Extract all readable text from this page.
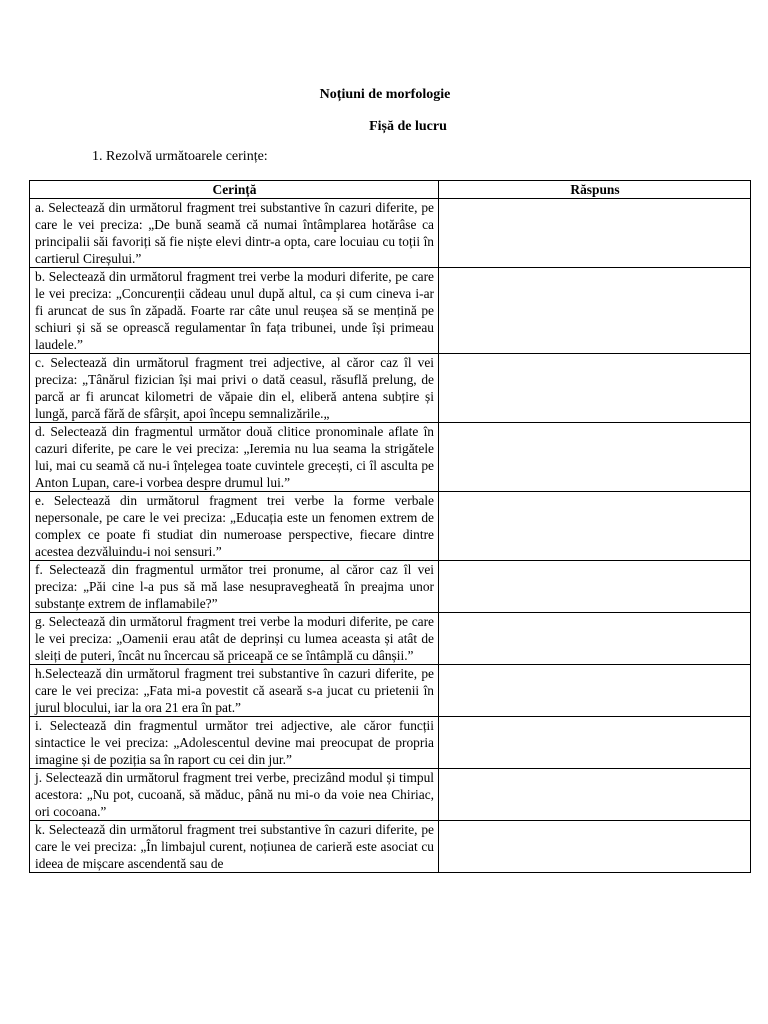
Noțiuni de morfologie
Fișă de lucru
1. Rezolvă următoarele cerințe:
Cerință	Răspuns
a. Selectează din următorul fragment trei substantive în cazuri diferite, pe care le vei preciza: „De bună seamă că numai întâmplarea hotărâse ca principalii săi favoriți să fie niște elevi dintr-a opta, care locuiau cu toții în cartierul Cireșului.”	
b. Selectează din următorul fragment trei verbe la moduri diferite, pe care le vei preciza: „Concurenții cădeau unul după altul, ca și cum cineva i-ar fi aruncat de sus în zăpadă. Foarte rar câte unul reușea să se mențină pe schiuri și să se oprească regulamentar în fața tribunei, unde își primeau laudele.”	
c. Selectează din următorul fragment trei adjective, al căror caz îl vei preciza: „Tânărul fizician își mai privi o dată ceasul, răsuflă prelung, de parcă ar fi aruncat kilometri de văpaie din el, eliberă antena subțire și lungă, parcă fără de sfârșit, apoi începu semnalizările.„	
d. Selectează din fragmentul următor două clitice pronominale aflate în cazuri diferite, pe care le vei preciza: „Ieremia nu lua seama la strigătele lui, mai cu seamă că nu-i înțelegea toate cuvintele grecești, ci îl asculta pe Anton Lupan, care-i vorbea despre drumul lui.”	
e. Selectează din următorul fragment trei verbe la forme verbale nepersonale, pe care le vei preciza: „Educația este un fenomen extrem de complex ce poate fi studiat din numeroase perspective, fiecare dintre acestea dezvăluindu-i noi sensuri.”	
f. Selectează din fragmentul următor trei pronume, al căror caz îl vei preciza: „Păi cine l-a pus să mă lase nesupravegheată în preajma unor substanțe extrem de inflamabile?”	
g. Selectează din următorul fragment trei verbe la moduri diferite, pe care le vei preciza: „Oamenii erau atât de deprinși cu lumea aceasta și atât de sleiți de puteri, încât nu încercau să priceapă ce se întâmplă cu dânșii.”	
h.Selectează din următorul fragment trei substantive în cazuri diferite, pe care le vei preciza: „Fata mi-a povestit că aseară s-a jucat cu prietenii în jurul blocului, iar la ora 21 era în pat.”	
i. Selectează din fragmentul următor trei adjective, ale căror funcții sintactice le vei preciza: „Adolescentul devine mai preocupat de propria imagine și de poziția sa în raport cu cei din jur.”	
j. Selectează din următorul fragment trei verbe, precizând modul și timpul acestora: „Nu pot, cucoană, să măduc, până nu mi-o da voie nea Chiriac, ori cocoana.”	
k. Selectează din următorul fragment trei substantive în cazuri diferite, pe care le vei preciza: „În limbajul curent, noțiunea de carieră este asociat cu ideea de mișcare ascendentă sau de	
